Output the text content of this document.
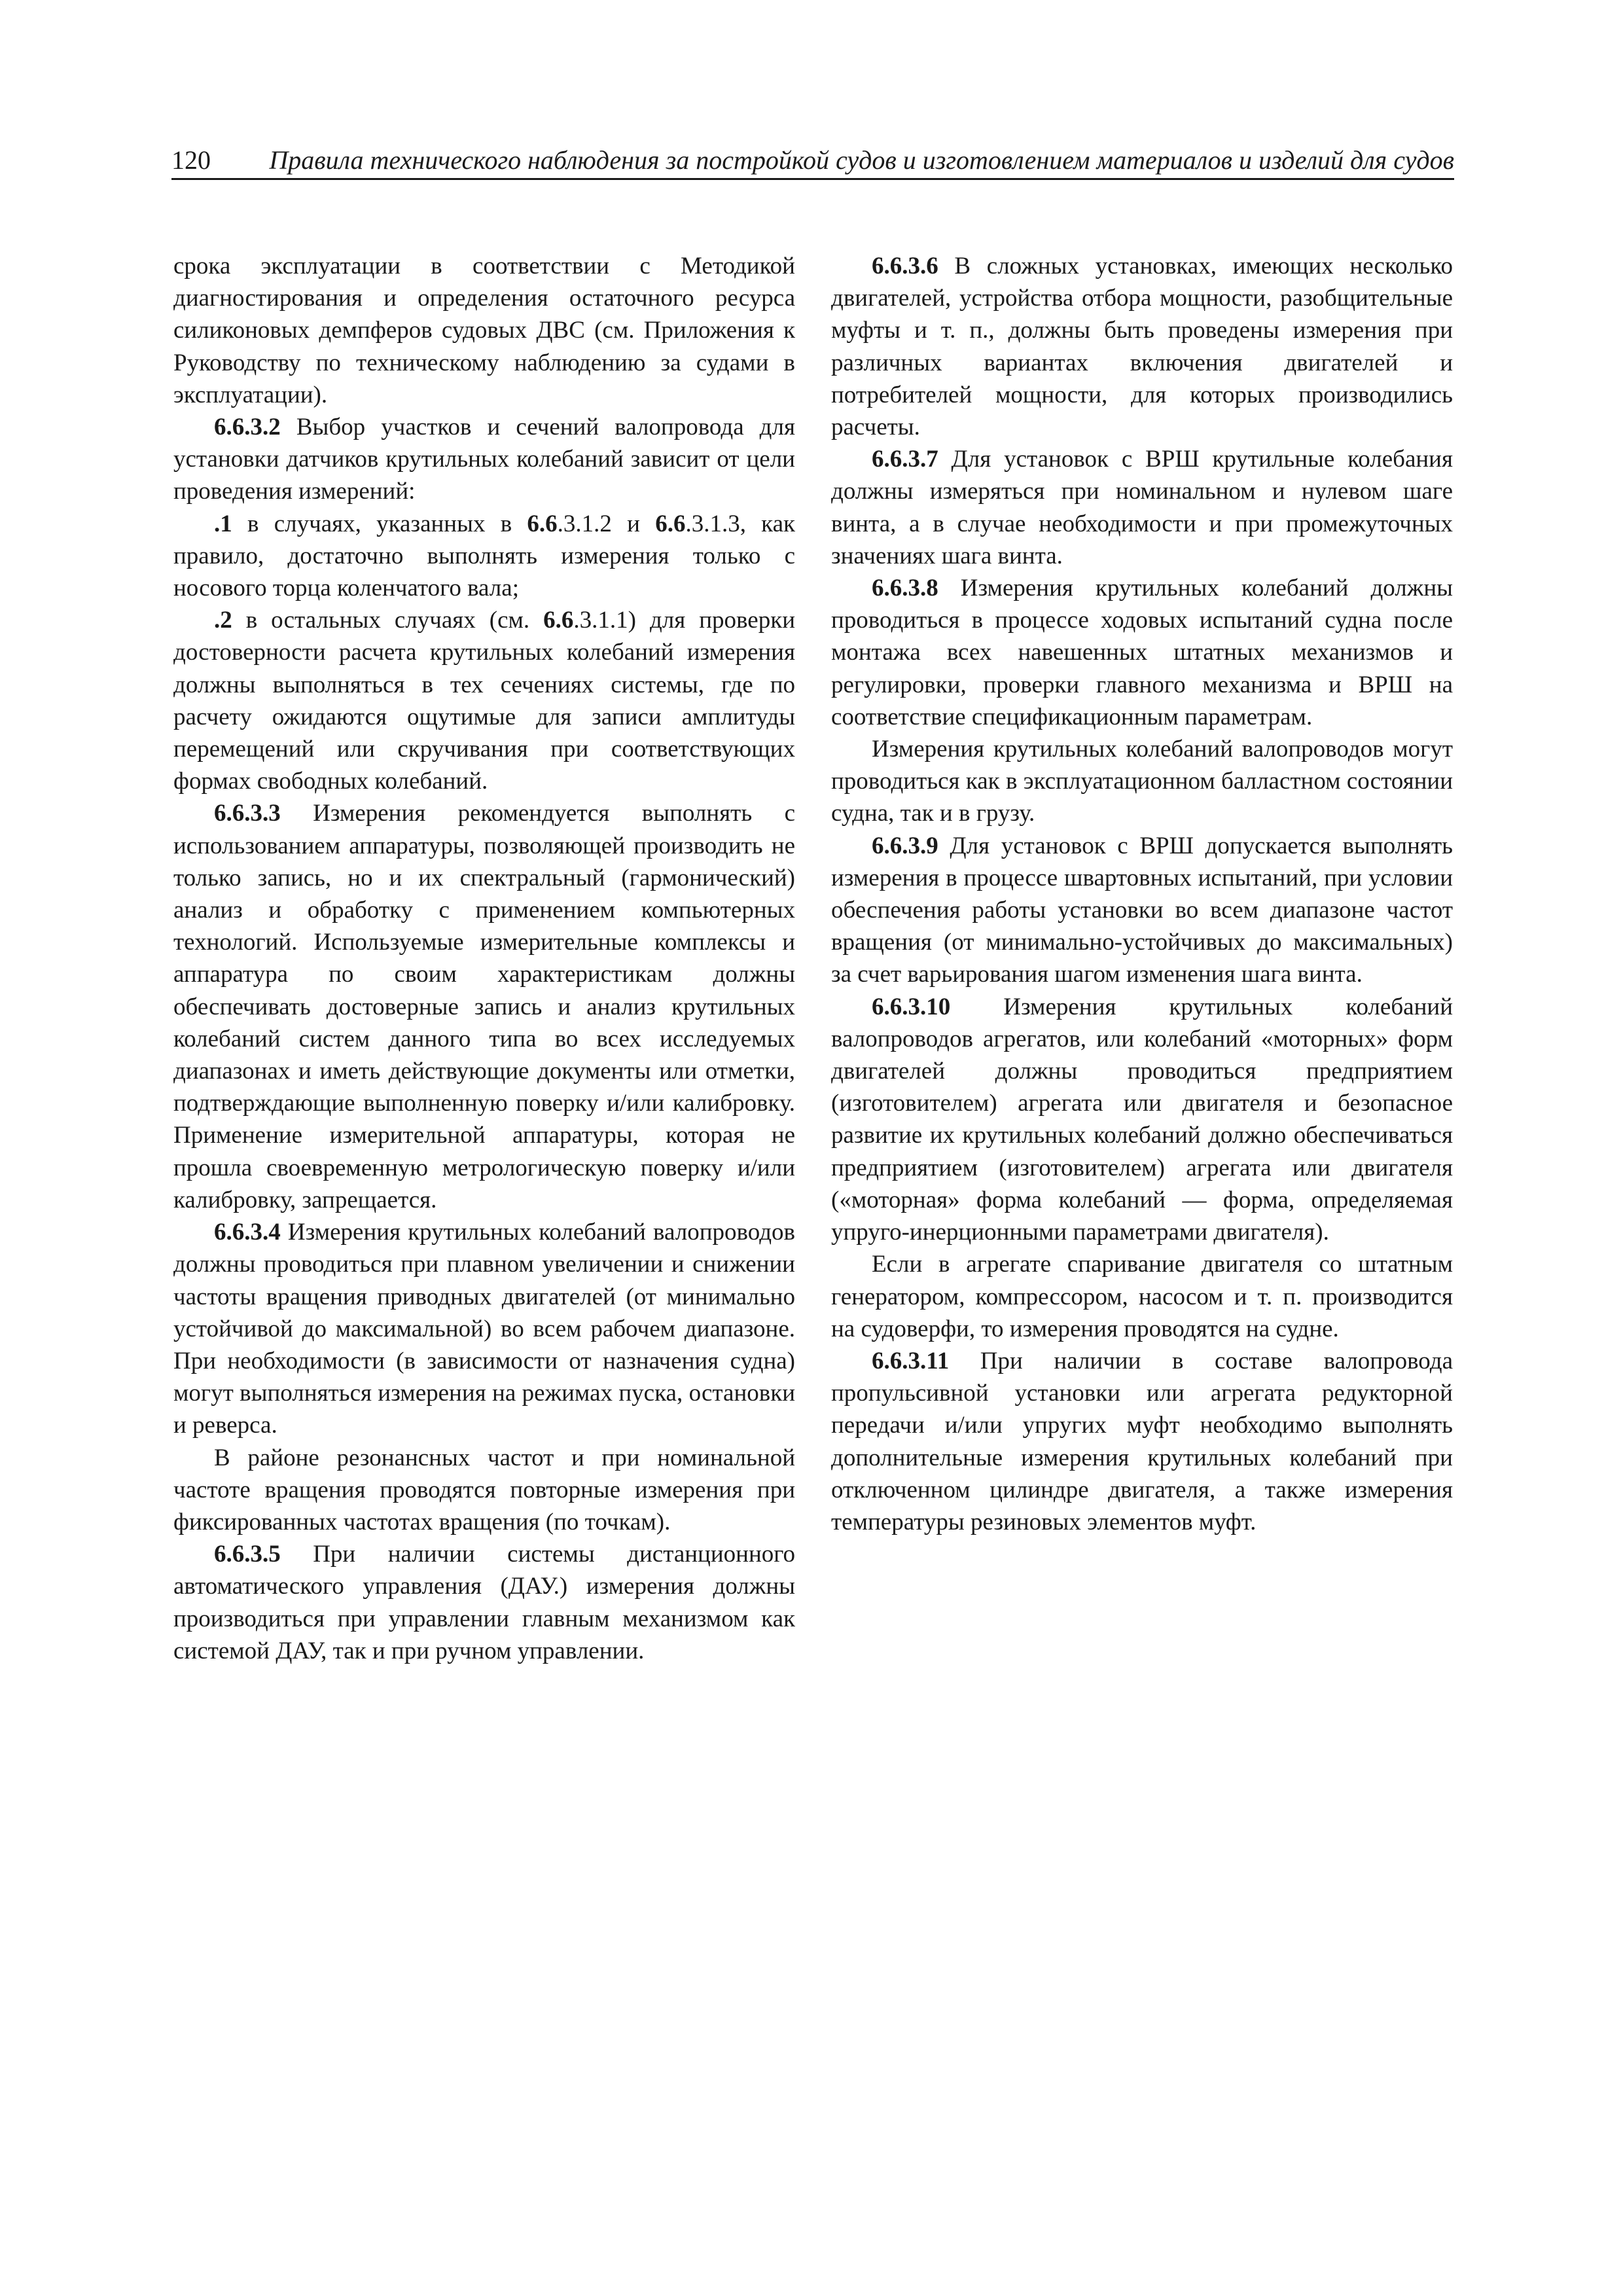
120 Правила технического наблюдения за постройкой судов и изготовлением материалов и изделий для судов

срока эксплуатации в соответствии с Методикой диагностирования и определения остаточного ресурса силиконовых демпферов судовых ДВС (см. Приложения к Руководству по техническому наблюдению за судами в эксплуатации).

6.6.3.2 Выбор участков и сечений валопровода для установки датчиков крутильных колебаний зависит от цели проведения измерений:

.1 в случаях, указанных в 6.6.3.1.2 и 6.6.3.1.3, как правило, достаточно выполнять измерения только с носового торца коленчатого вала;

.2 в остальных случаях (см. 6.6.3.1.1) для проверки достоверности расчета крутильных колебаний измерения должны выполняться в тех сечениях системы, где по расчету ожидаются ощутимые для записи амплитуды перемещений или скручивания при соответствующих формах свободных колебаний.

6.6.3.3 Измерения рекомендуется выполнять с использованием аппаратуры, позволяющей производить не только запись, но и их спектральный (гармонический) анализ и обработку с применением компьютерных технологий. Используемые измерительные комплексы и аппаратура по своим характеристикам должны обеспечивать достоверные запись и анализ крутильных колебаний систем данного типа во всех исследуемых диапазонах и иметь действующие документы или отметки, подтверждающие выполненную поверку и/или калибровку. Применение измерительной аппаратуры, которая не прошла своевременную метрологическую поверку и/или калибровку, запрещается.

6.6.3.4 Измерения крутильных колебаний валопроводов должны проводиться при плавном увеличении и снижении частоты вращения приводных двигателей (от минимально устойчивой до максимальной) во всем рабочем диапазоне. При необходимости (в зависимости от назначения судна) могут выполняться измерения на режимах пуска, остановки и реверса.

В районе резонансных частот и при номинальной частоте вращения проводятся повторные измерения при фиксированных частотах вращения (по точкам).

6.6.3.5 При наличии системы дистанционного автоматического управления (ДАУ.) измерения должны производиться при управлении главным механизмом как системой ДАУ, так и при ручном управлении.

6.6.3.6 В сложных установках, имеющих несколько двигателей, устройства отбора мощности, разобщительные муфты и т. п., должны быть проведены измерения при различных вариантах включения двигателей и потребителей мощности, для которых производились расчеты.

6.6.3.7 Для установок с ВРШ крутильные колебания должны измеряться при номинальном и нулевом шаге винта, а в случае необходимости и при промежуточных значениях шага винта.

6.6.3.8 Измерения крутильных колебаний должны проводиться в процессе ходовых испытаний судна после монтажа всех навешенных штатных механизмов и регулировки, проверки главного механизма и ВРШ на соответствие спецификационным параметрам.

Измерения крутильных колебаний валопроводов могут проводиться как в эксплуатационном балластном состоянии судна, так и в грузу.

6.6.3.9 Для установок с ВРШ допускается выполнять измерения в процессе швартовных испытаний, при условии обеспечения работы установки во всем диапазоне частот вращения (от минимально-устойчивых до максимальных) за счет варьирования шагом изменения шага винта.

6.6.3.10 Измерения крутильных колебаний валопроводов агрегатов, или колебаний «моторных» форм двигателей должны проводиться предприятием (изготовителем) агрегата или двигателя и безопасное развитие их крутильных колебаний должно обеспечиваться предприятием (изготовителем) агрегата или двигателя («моторная» форма колебаний — форма, определяемая упруго-инерционными параметрами двигателя).

Если в агрегате спаривание двигателя со штатным генератором, компрессором, насосом и т. п. производится на судоверфи, то измерения проводятся на судне.

6.6.3.11 При наличии в составе валопровода пропульсивной установки или агрегата редукторной передачи и/или упругих муфт необходимо выполнять дополнительные измерения крутильных колебаний при отключенном цилиндре двигателя, а также измерения температуры резиновых элементов муфт.
